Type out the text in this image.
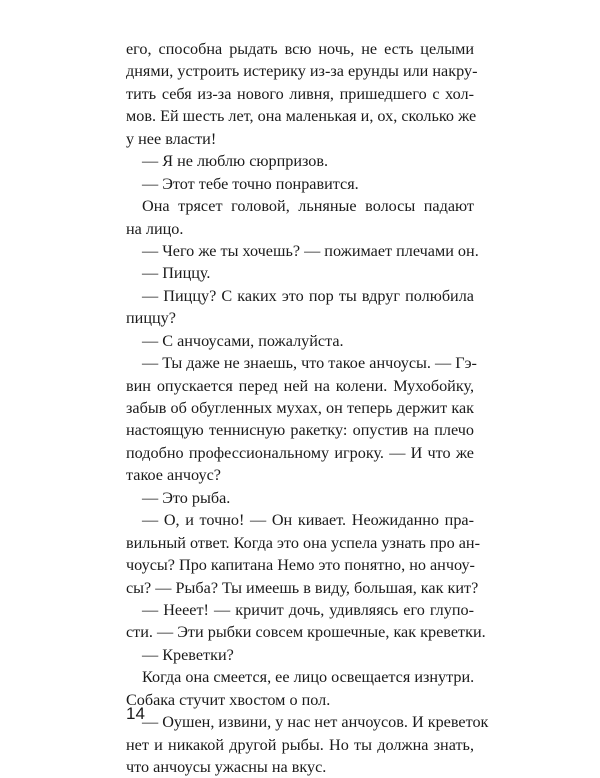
его, способна рыдать всю ночь, не есть целыми
днями, устроить истерику из-за ерунды или накру-
тить себя из-за нового ливня, пришедшего с хол-
мов. Ей шесть лет, она маленькая и, ох, сколько же
у нее власти!
— Я не люблю сюрпризов.
— Этот тебе точно понравится.
Она трясет головой, льняные волосы падают
на лицо.
— Чего же ты хочешь? — пожимает плечами он.
— Пиццу.
— Пиццу? С каких это пор ты вдруг полюбила
пиццу?
— С анчоусами, пожалуйста.
— Ты даже не знаешь, что такое анчоусы. — Гэ-
вин опускается перед ней на колени. Мухобойку,
забыв об обугленных мухах, он теперь держит как
настоящую теннисную ракетку: опустив на плечо
подобно профессиональному игроку. — И что же
такое анчоус?
— Это рыба.
— О, и точно! — Он кивает. Неожиданно пра-
вильный ответ. Когда это она успела узнать про ан-
чоусы? Про капитана Немо это понятно, но анчоу-
сы? — Рыба? Ты имеешь в виду, большая, как кит?
— Нееет! — кричит дочь, удивляясь его глупо-
сти. — Эти рыбки совсем крошечные, как креветки.
— Креветки?
Когда она смеется, ее лицо освещается изнутри.
Собака стучит хвостом о пол.
— Оушен, извини, у нас нет анчоусов. И креветок
нет и никакой другой рыбы. Но ты должна знать,
что анчоусы ужасны на вкус.
14
